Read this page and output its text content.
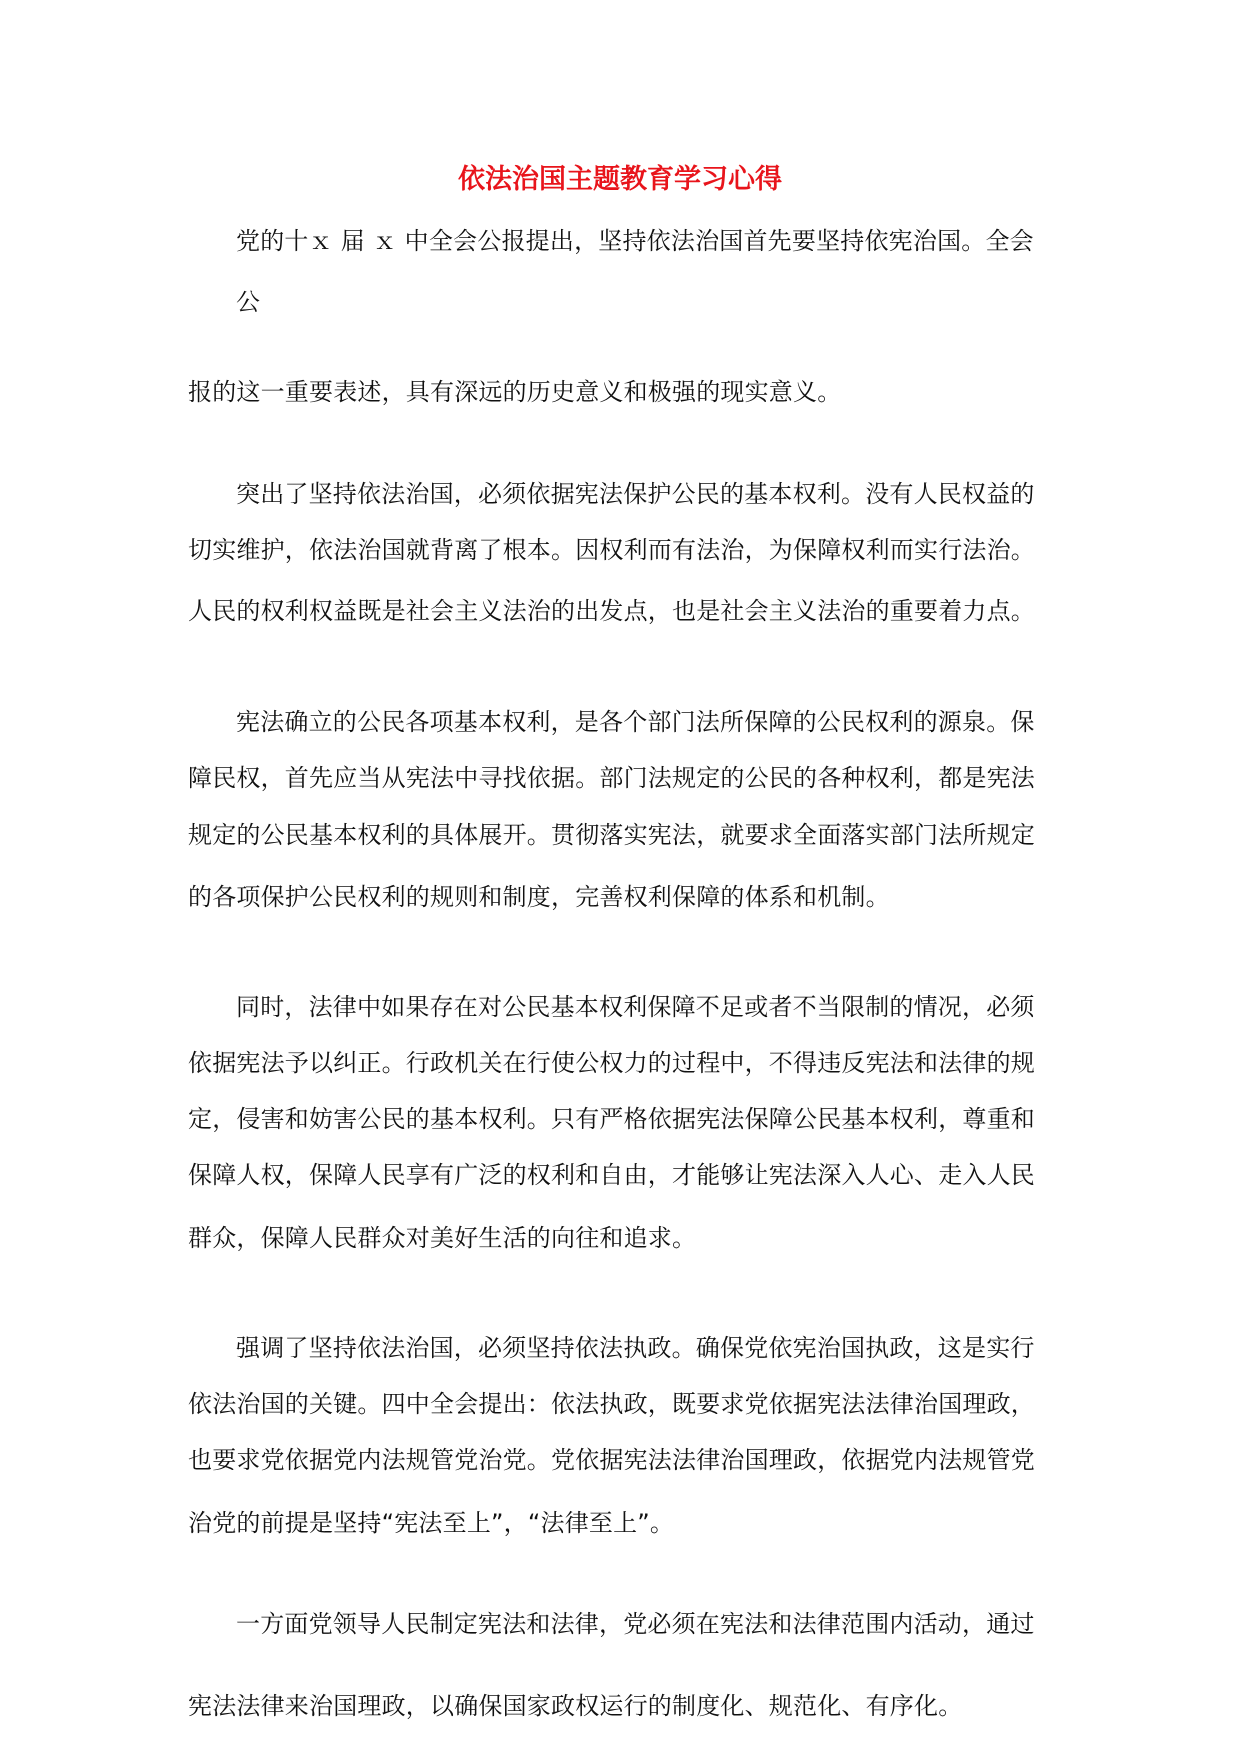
依法治国主题教育学习心得
党的十ｘ 届 ｘ 中全会公报提出，坚持依法治国首先要坚持依宪治国。全会
公
报的这一重要表述，具有深远的历史意义和极强的现实意义。
突出了坚持依法治国，必须依据宪法保护公民的基本权利。没有人民权益的
切实维护，依法治国就背离了根本。因权利而有法治，为保障权利而实行法治。
人民的权利权益既是社会主义法治的出发点，也是社会主义法治的重要着力点。
宪法确立的公民各项基本权利，是各个部门法所保障的公民权利的源泉。保
障民权，首先应当从宪法中寻找依据。部门法规定的公民的各种权利，都是宪法
规定的公民基本权利的具体展开。贯彻落实宪法，就要求全面落实部门法所规定
的各项保护公民权利的规则和制度，完善权利保障的体系和机制。
同时，法律中如果存在对公民基本权利保障不足或者不当限制的情况，必须
依据宪法予以纠正。行政机关在行使公权力的过程中，不得违反宪法和法律的规
定，侵害和妨害公民的基本权利。只有严格依据宪法保障公民基本权利，尊重和
保障人权，保障人民享有广泛的权利和自由，才能够让宪法深入人心、走入人民
群众，保障人民群众对美好生活的向往和追求。
强调了坚持依法治国，必须坚持依法执政。确保党依宪治国执政，这是实行
依法治国的关键。四中全会提出：依法执政，既要求党依据宪法法律治国理政，
也要求党依据党内法规管党治党。党依据宪法法律治国理政，依据党内法规管党
治党的前提是坚持“宪法至上”，“法律至上”。
一方面党领导人民制定宪法和法律，党必须在宪法和法律范围内活动，通过
宪法法律来治国理政，以确保国家政权运行的制度化、规范化、有序化。
